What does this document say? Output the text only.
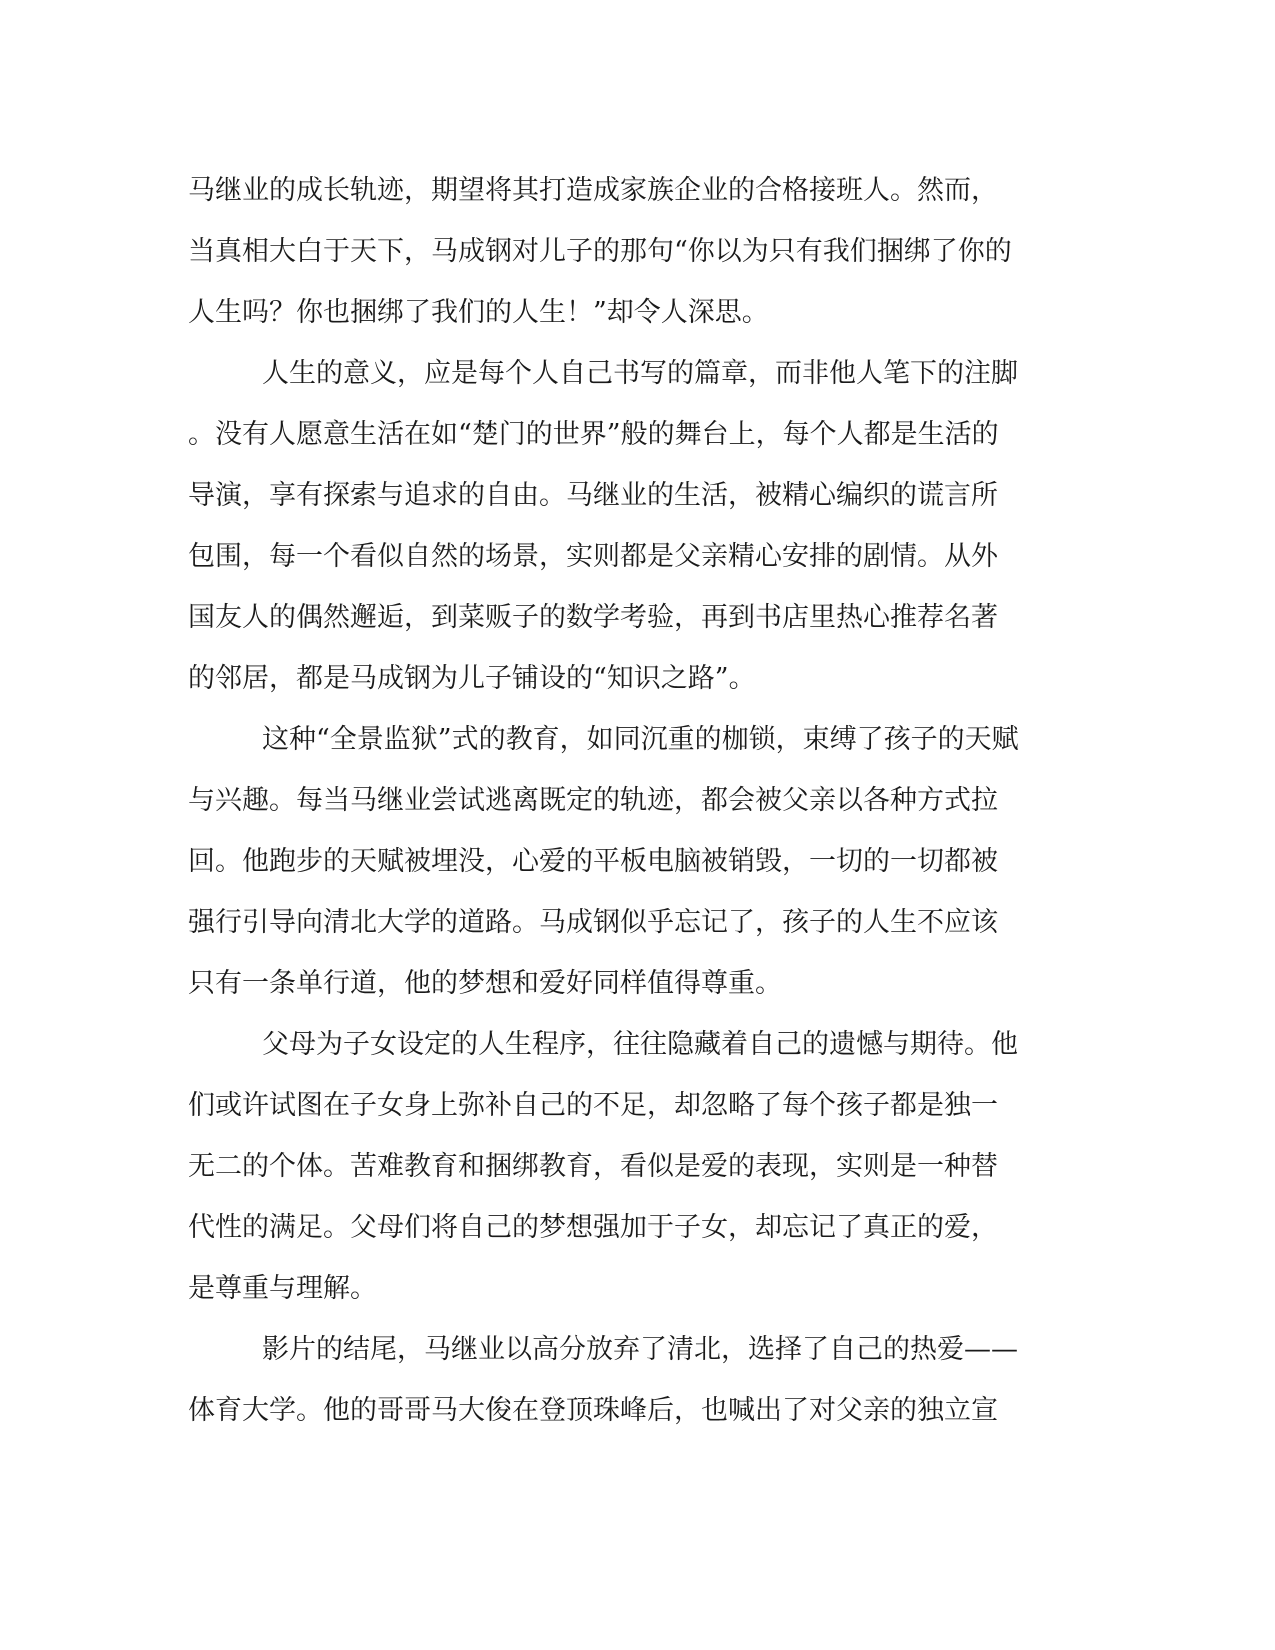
马继业的成长轨迹，期望将其打造成家族企业的合格接班人。然而，
当真相大白于天下，马成钢对儿子的那句“你以为只有我们捆绑了你的
人生吗？你也捆绑了我们的人生！”却令人深思。

人生的意义，应是每个人自己书写的篇章，而非他人笔下的注脚
。没有人愿意生活在如“楚门的世界”般的舞台上，每个人都是生活的
导演，享有探索与追求的自由。马继业的生活，被精心编织的谎言所
包围，每一个看似自然的场景，实则都是父亲精心安排的剧情。从外
国友人的偶然邂逅，到菜贩子的数学考验，再到书店里热心推荐名著
的邻居，都是马成钢为儿子铺设的“知识之路”。

这种“全景监狱”式的教育，如同沉重的枷锁，束缚了孩子的天赋
与兴趣。每当马继业尝试逃离既定的轨迹，都会被父亲以各种方式拉
回。他跑步的天赋被埋没，心爱的平板电脑被销毁，一切的一切都被
强行引导向清北大学的道路。马成钢似乎忘记了，孩子的人生不应该
只有一条单行道，他的梦想和爱好同样值得尊重。

父母为子女设定的人生程序，往往隐藏着自己的遗憾与期待。他
们或许试图在子女身上弥补自己的不足，却忽略了每个孩子都是独一
无二的个体。苦难教育和捆绑教育，看似是爱的表现，实则是一种替
代性的满足。父母们将自己的梦想强加于子女，却忘记了真正的爱，
是尊重与理解。

影片的结尾，马继业以高分放弃了清北，选择了自己的热爱——
体育大学。他的哥哥马大俊在登顶珠峰后，也喊出了对父亲的独立宣
